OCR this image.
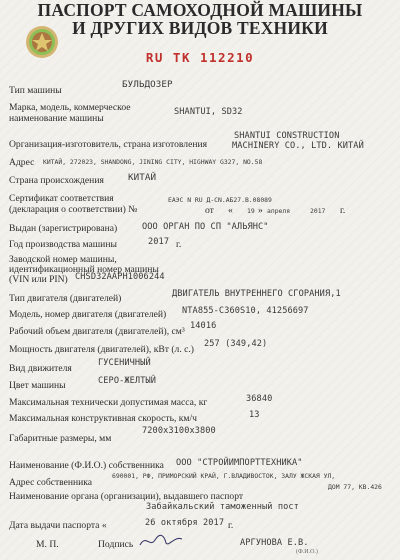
ПАСПОРТ САМОХОДНОЙ МАШИНЫ
И ДРУГИХ ВИДОВ ТЕХНИКИ
RU TK 112210
Тип машины
БУЛЬДОЗЕР
Марка, модель, коммерческое
наименование машины
SHANTUI, SD32
Организация-изготовитель, страна изготовления
SHANTUI CONSTRUCTION
MACHINERY CO., LTD. КИТАЙ
Адрес КИТАЙ, 272023, SHANDONG, JINING CITY, HIGHWAY G327, NO.58
Страна происхождения	КИТАЙ
Сертификат соответствия
(декларация о соответствии) №
ЕАЭС N RU Д-CN.АБ27.В.08089
от « 19 » апреля	2017 г.
Выдан (зарегистрирована)	ООО ОРГАН ПО СП "АЛЬЯНС"
Год производства машины	2017 г.
Заводской номер машины,
идентификационный номер машины
(VIN или PIN) CHSD32AAPH1006244
Тип двигателя (двигателей)	ДВИГАТЕЛЬ ВНУТРЕННЕГО СГОРАНИЯ,1
Модель, номер двигателя (двигателей) NTA855-C360S10, 41256697
Рабочий объем двигателя (двигателей), см³ 14016
Мощность двигателя (двигателей), кВт (л. с.) 257 (349,42)
Вид движителя	ГУСЕНИЧНЫЙ
Цвет машины	СЕРО-ЖЕЛТЫЙ
Максимальная технически допустимая масса, кг	36840
Максимальная конструктивная скорость, км/ч	13
Габаритные размеры, мм
7200x3100x3800
Наименование (Ф.И.О.) собственника ООО "СТРОЙИМПОРТТЕХНИКА"
Адрес собственника
690001, РФ, ПРИМОРСКИЙ КРАЙ, Г.ВЛАДИВОСТОК, ЗАЛУ ЖСКАЯ УЛ,
ДОМ 77, КВ.426
Наименование органа (организации), выдавшего паспорт
Забайкальский таможенный пост
Дата выдачи паспорта «	26 октября 2017 г.
М. П.	Подпись	АРГУНОВА Е.В.
(Ф.И.О.)
